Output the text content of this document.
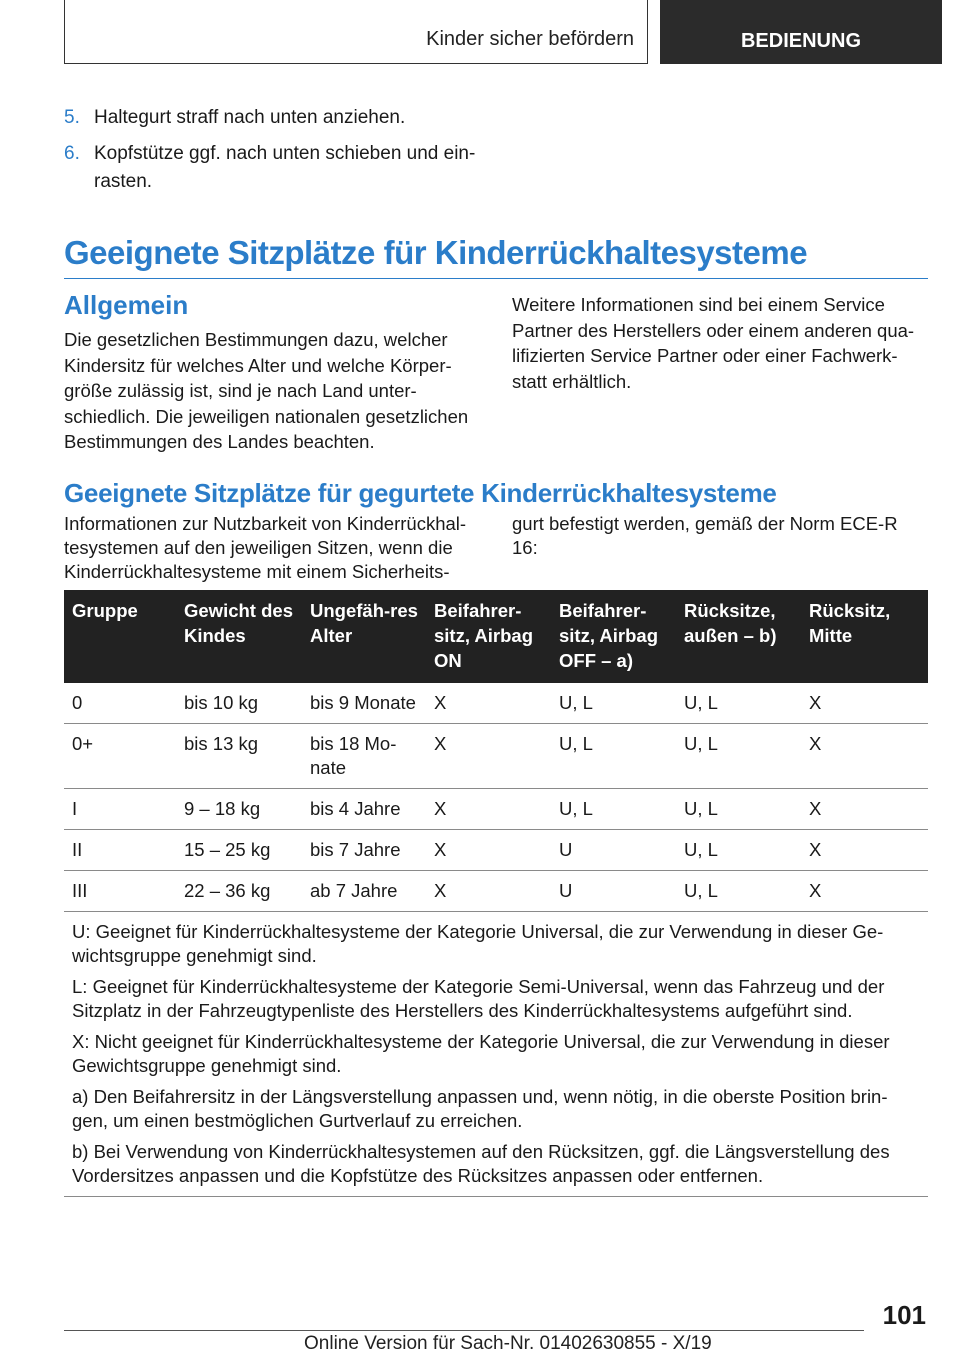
Kinder sicher befördern	BEDIENUNG
5. Haltegurt straff nach unten anziehen.
6. Kopfstütze ggf. nach unten schieben und ein-rasten.
Geeignete Sitzplätze für Kinderrückhaltesysteme
Allgemein

Die gesetzlichen Bestimmungen dazu, welcher Kindersitz für welches Alter und welche Körper-größe zulässig ist, sind je nach Land unter-schiedlich. Die jeweiligen nationalen gesetzlichen Bestimmungen des Landes beachten.

Weitere Informationen sind bei einem Service Partner des Herstellers oder einem anderen qua-lifizierten Service Partner oder einer Fachwerk-statt erhältlich.

Geeignete Sitzplätze für gegurtete Kinderrückhaltesysteme
Informationen zur Nutzbarkeit von Kinderrückhal-tesystemen auf den jeweiligen Sitzen, wenn die Kinderrückhaltesysteme mit einem Sicherheits-
gurt befestigt werden, gemäß der Norm ECE-R 16:
Gruppe	Gewicht des Kindes	Ungefäh-res Alter	Beifahrer-sitz, Airbag ON	Beifahrer-sitz, Airbag OFF – a)	Rücksitze, außen – b)	Rücksitz, Mitte
0	bis 10 kg	bis 9 Monate	X	U, L	U, L	X
0+	bis 13 kg	bis 18 Mo-nate	X	U, L	U, L	X
I	9 – 18 kg	bis 4 Jahre	X	U, L	U, L	X
II	15 – 25 kg	bis 7 Jahre	X	U	U, L	X
III	22 – 36 kg	ab 7 Jahre	X	U	U, L	X

U: Geeignet für Kinderrückhaltesysteme der Kategorie Universal, die zur Verwendung in dieser Ge-wichtsgruppe genehmigt sind.

L: Geeignet für Kinderrückhaltesysteme der Kategorie Semi-Universal, wenn das Fahrzeug und der Sitzplatz in der Fahrzeugtypenliste des Herstellers des Kinderrückhaltesystems aufgeführt sind.

X: Nicht geeignet für Kinderrückhaltesysteme der Kategorie Universal, die zur Verwendung in dieser Gewichtsgruppe genehmigt sind.

a) Den Beifahrersitz in der Längsverstellung anpassen und, wenn nötig, in die oberste Position brin-gen, um einen bestmöglichen Gurtverlauf zu erreichen.

b) Bei Verwendung von Kinderrückhaltesystemen auf den Rücksitzen, ggf. die Längsverstellung des Vordersitzes anpassen und die Kopfstütze des Rücksitzes anpassen oder entfernen.						

101
Online Version für Sach-Nr. 01402630855 - X/19
